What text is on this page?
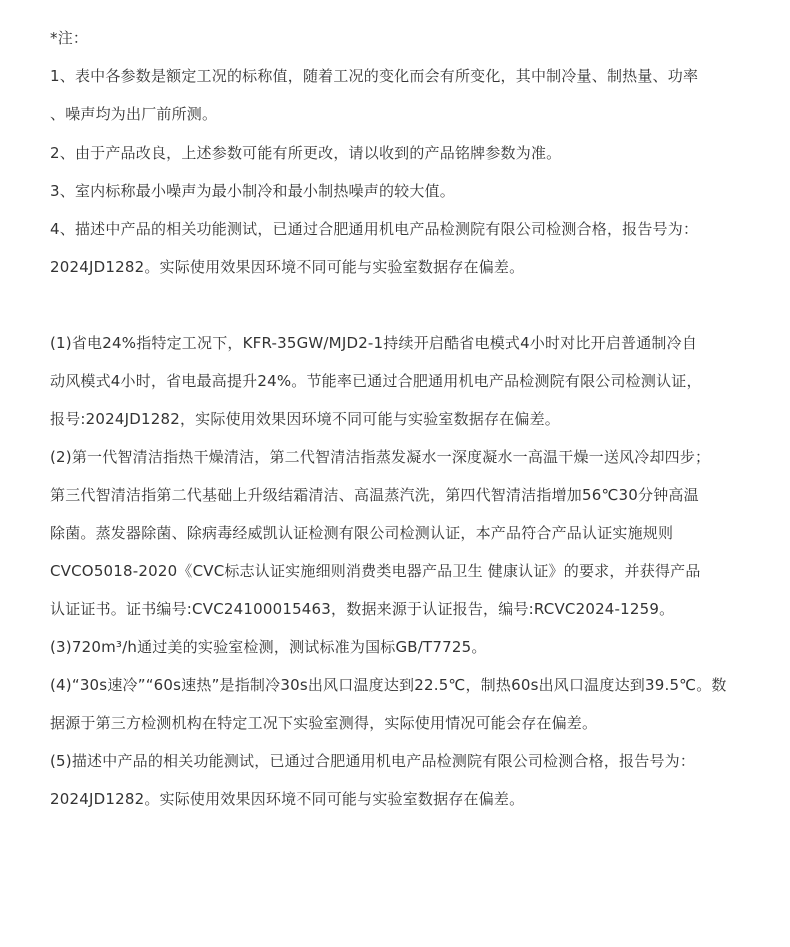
*注：
1、表中各参数是额定工况的标称值，随着工况的变化而会有所变化，其中制冷量、制热量、功率
、噪声均为出厂前所测。
2、由于产品改良，上述参数可能有所更改，请以收到的产品铭牌参数为准。
3、室内标称最小噪声为最小制冷和最小制热噪声的较大值。
4、描述中产品的相关功能测试，已通过合肥通用机电产品检测院有限公司检测合格，报告号为：
2024JD1282。实际使用效果因环境不同可能与实验室数据存在偏差。
(1)省电24%指特定工况下，KFR-35GW/MJD2-1持续开启酷省电模式4小时对比开启普通制冷自
动风模式4小时，省电最高提升24%。节能率已通过合肥通用机电产品检测院有限公司检测认证，
报号:2024JD1282，实际使用效果因环境不同可能与实验室数据存在偏差。
(2)第一代智清洁指热干燥清洁，第二代智清洁指蒸发凝水一深度凝水一高温干燥一送风冷却四步；
第三代智清洁指第二代基础上升级结霜清洁、高温蒸汽洗，第四代智清洁指增加56℃30分钟高温
除菌。蒸发器除菌、除病毒经威凯认证检测有限公司检测认证，本产品符合产品认证实施规则
CVCO5018-2020《CVC标志认证实施细则消费类电器产品卫生 健康认证》的要求，并获得产品
认证证书。证书编号:CVC24100015463，数据来源于认证报告，编号:RCVC2024-1259。
(3)720m³/h通过美的实验室检测，测试标准为国标GB/T7725。
(4)“30s速冷”“60s速热”是指制冷30s出风口温度达到22.5℃，制热60s出风口温度达到39.5℃。数
据源于第三方检测机构在特定工况下实验室测得，实际使用情况可能会存在偏差。
(5)描述中产品的相关功能测试，已通过合肥通用机电产品检测院有限公司检测合格，报告号为：
2024JD1282。实际使用效果因环境不同可能与实验室数据存在偏差。
